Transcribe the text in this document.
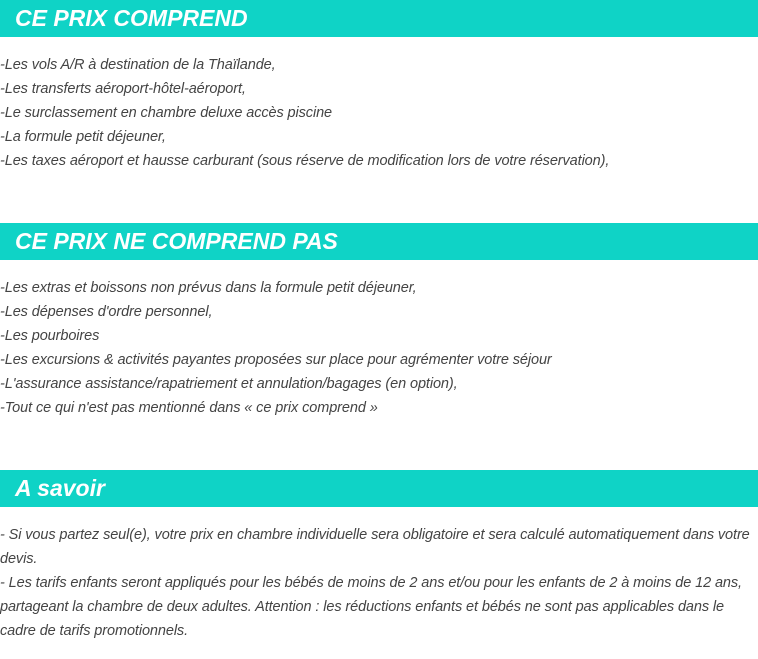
CE PRIX COMPREND
-Les vols A/R à destination de la Thaïlande,
-Les transferts aéroport-hôtel-aéroport,
-Le surclassement en chambre deluxe accès piscine
-La formule petit déjeuner,
-Les taxes aéroport et hausse carburant (sous réserve de modification lors de votre réservation),
CE PRIX NE COMPREND PAS
-Les extras et boissons non prévus dans la formule petit déjeuner,
-Les dépenses d'ordre personnel,
-Les pourboires
-Les excursions & activités payantes proposées sur place pour agrémenter votre séjour
-L'assurance assistance/rapatriement et annulation/bagages (en option),
-Tout ce qui n'est pas mentionné dans « ce prix comprend »
A savoir

- Si vous partez seul(e), votre prix en chambre individuelle sera obligatoire et sera calculé automatiquement dans votre devis.

- Les tarifs enfants seront appliqués pour les bébés de moins de 2 ans et/ou pour les enfants de 2 à moins de 12 ans, partageant la chambre de deux adultes. Attention : les réductions enfants et bébés ne sont pas applicables dans le cadre de tarifs promotionnels.
